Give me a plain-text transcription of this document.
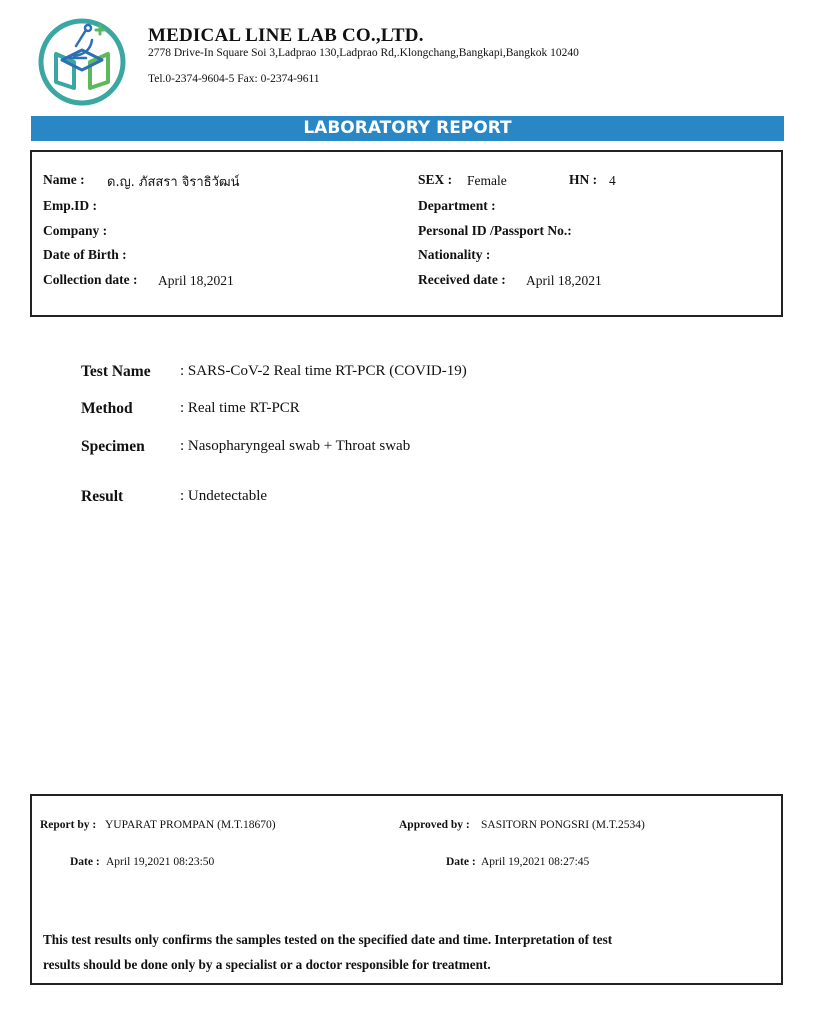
MEDICAL LINE LAB CO.,LTD.
2778 Drive-In Square Soi 3,Ladprao 130,Ladprao Rd,.Klongchang,Bangkapi,Bangkok 10240
Tel.0-2374-9604-5 Fax: 0-2374-9611
LABORATORY REPORT
Name : ด.ญ. ภัสสรา จิราธิวัฒน์	SEX : Female	HN : 4
Emp.ID :	Department :
Company :	Personal ID /Passport No.:
Date of Birth :	Nationality :
Collection date : April 18,2021	Received date : April 18,2021
Test Name : SARS-CoV-2 Real time RT-PCR (COVID-19)
Method	: Real time RT-PCR
Specimen : Nasopharyngeal swab + Throat swab
Result	: Undetectable
Report by : YUPARAT PROMPAN (M.T.18670)	Approved by : SASITORN PONGSRI (M.T.2534)
Date : April 19,2021 08:23:50	Date : April 19,2021 08:27:45
This test results only confirms the samples tested on the specified date and time. Interpretation of test
results should be done only by a specialist or a doctor responsible for treatment.
